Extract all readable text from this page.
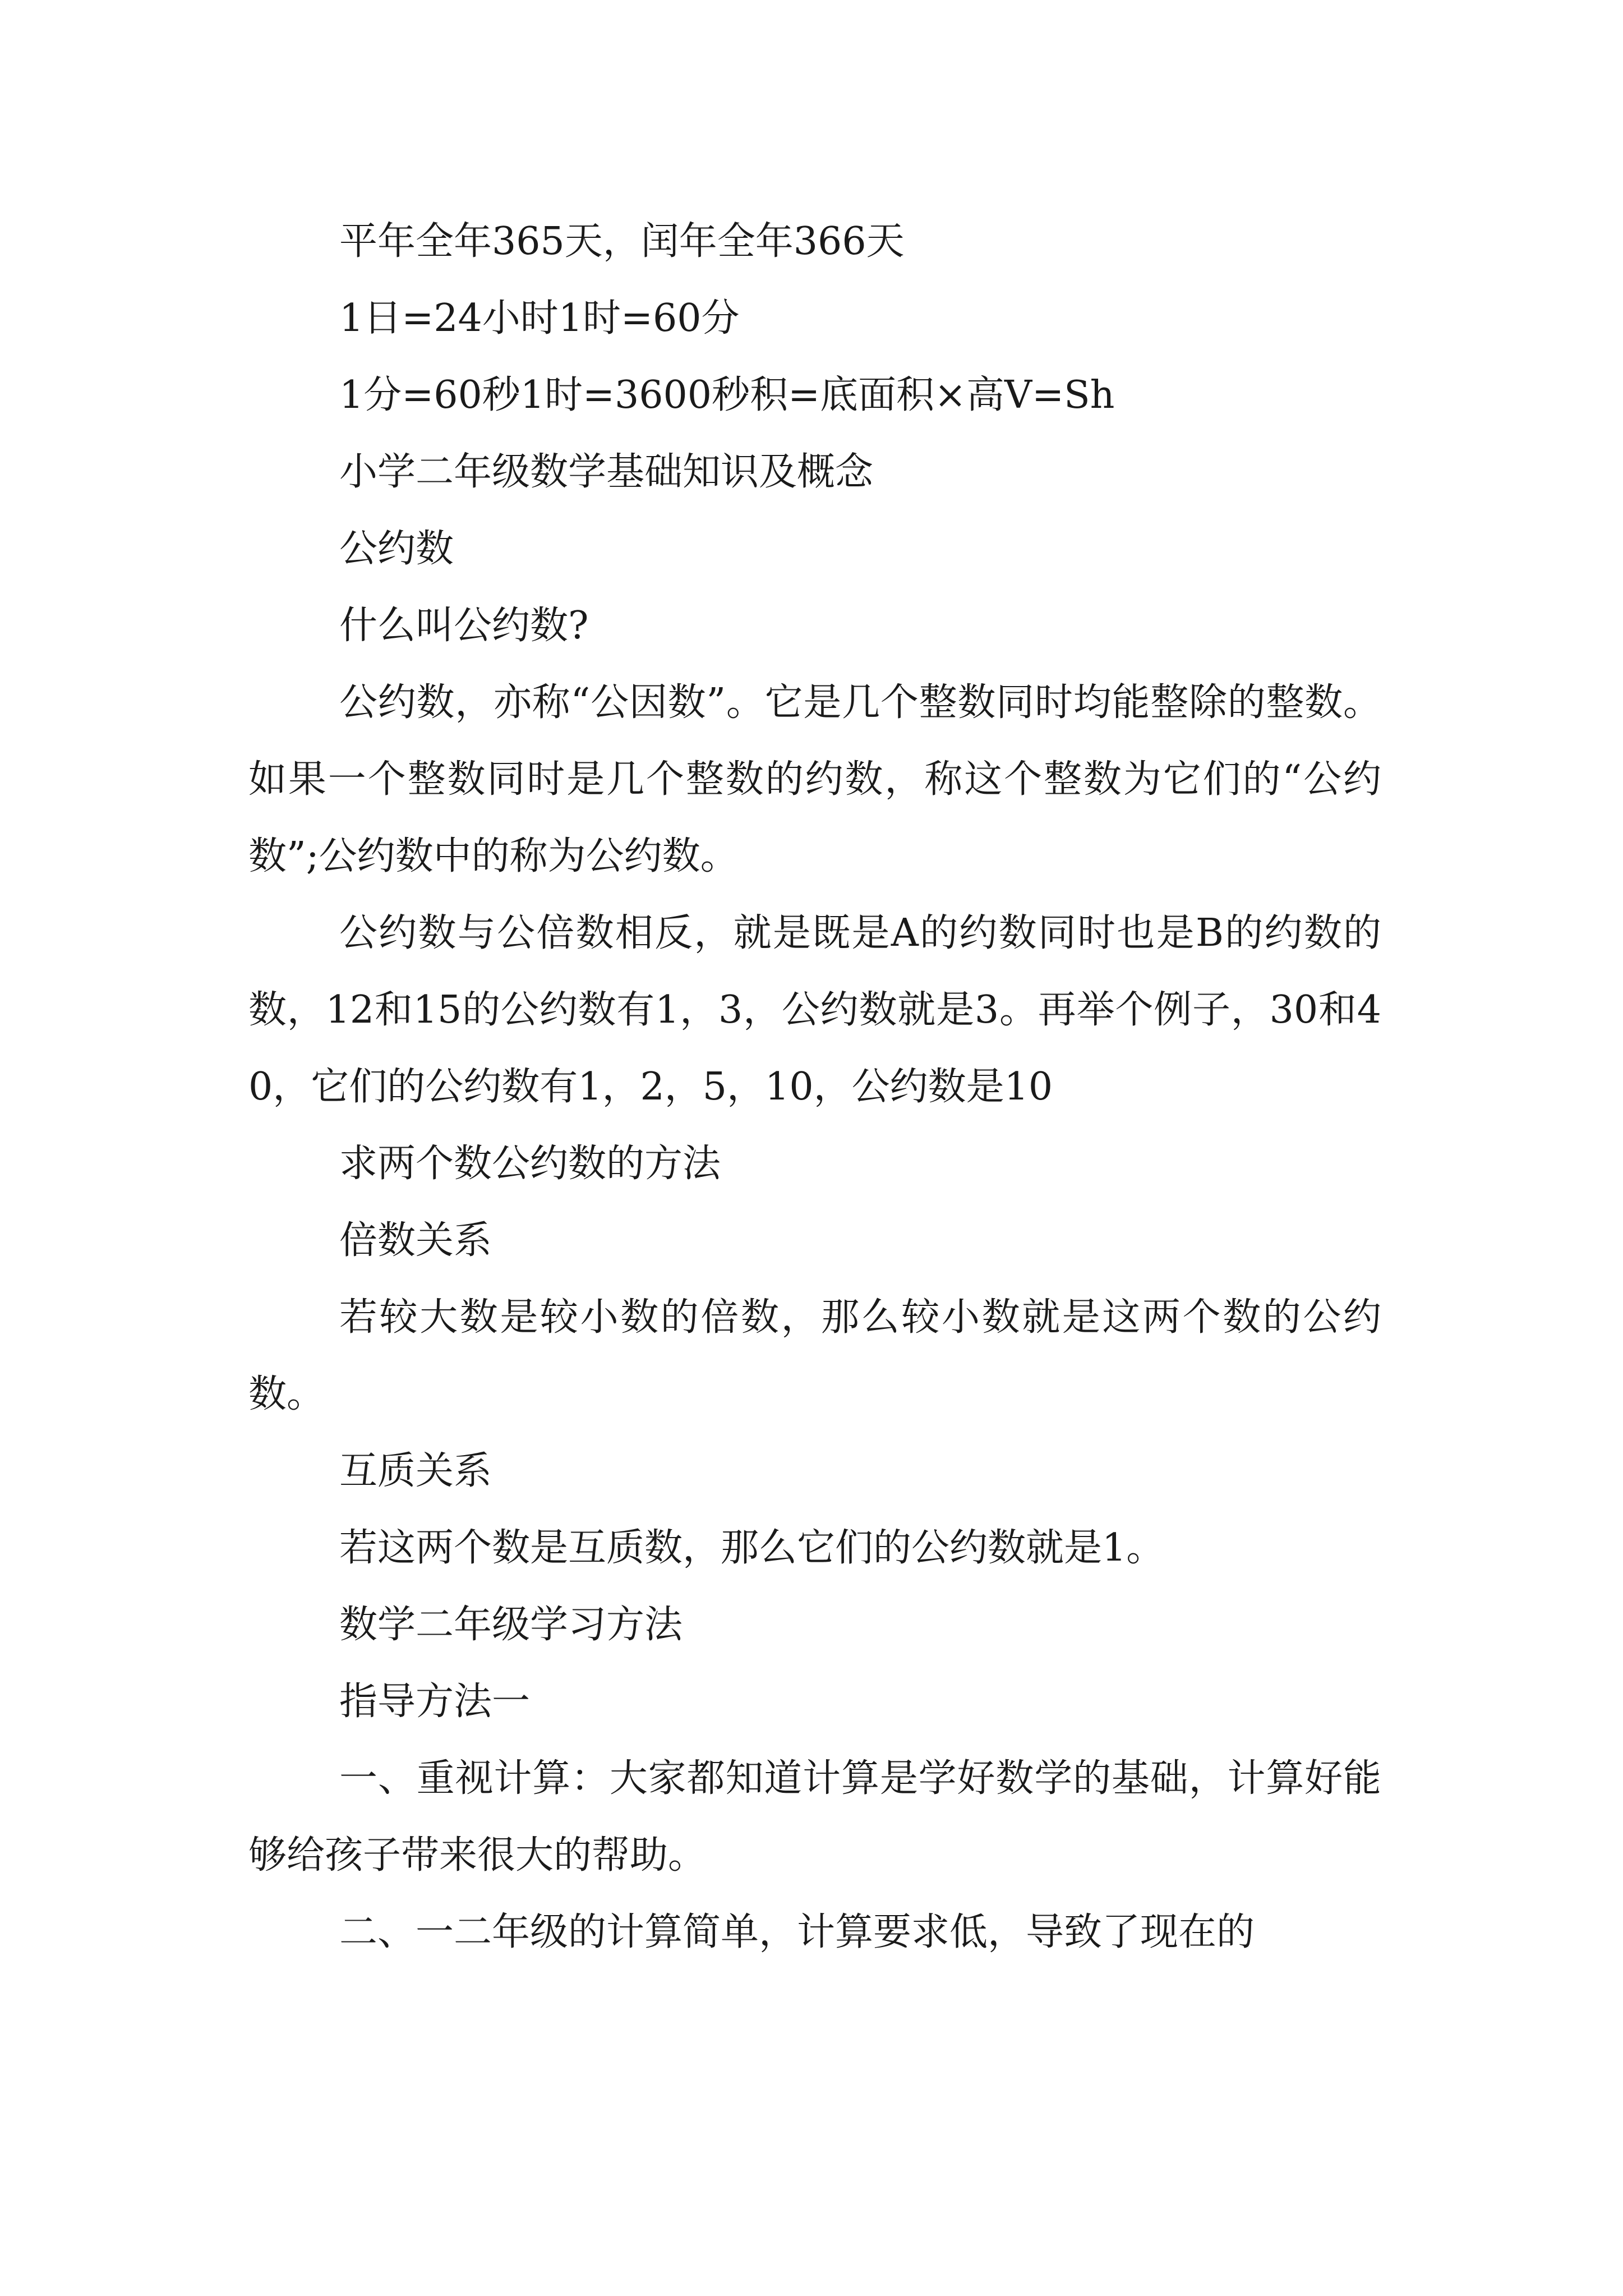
平年全年365天，闰年全年366天

1日=24小时1时=60分

1分=60秒1时=3600秒积=底面积×高V=Sh

小学二年级数学基础知识及概念

公约数

什么叫公约数?

公约数，亦称“公因数”。它是几个整数同时均能整除的整数。如果一个整数同时是几个整数的约数，称这个整数为它们的“公约数”;公约数中的称为公约数。

公约数与公倍数相反，就是既是A的约数同时也是B的约数的数，12和15的公约数有1，3，公约数就是3。再举个例子，30和40，它们的公约数有1，2，5，10，公约数是10

求两个数公约数的方法

倍数关系

若较大数是较小数的倍数，那么较小数就是这两个数的公约数。

互质关系

若这两个数是互质数，那么它们的公约数就是1。

数学二年级学习方法

指导方法一

一、重视计算：大家都知道计算是学好数学的基础，计算好能够给孩子带来很大的帮助。

二、一二年级的计算简单，计算要求低，导致了现在的
